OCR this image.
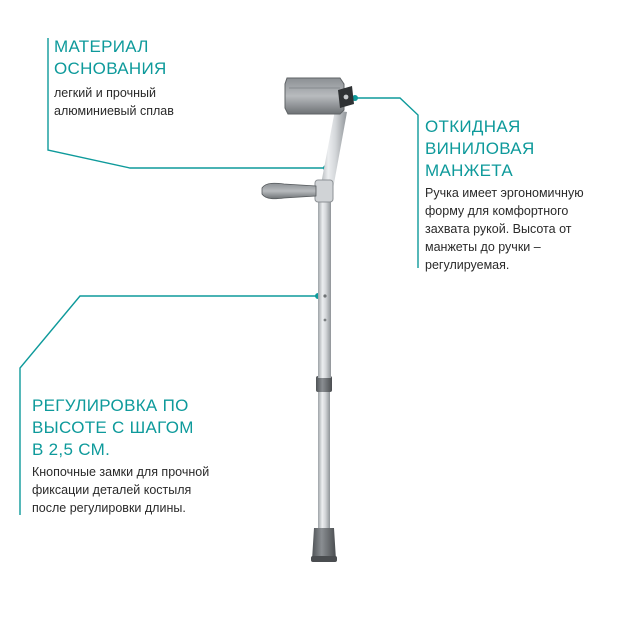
МАТЕРИАЛ
ОСНОВАНИЯ
легкий и прочный
алюминиевый сплав
ОТКИДНАЯ
ВИНИЛОВАЯ
МАНЖЕТА
Ручка имеет эргономичную
форму для комфортного
захвата рукой. Высота от
манжеты до ручки –
регулируемая.
РЕГУЛИРОВКА ПО
ВЫСОТЕ С ШАГОМ
В 2,5 СМ.
Кнопочные замки для прочной
фиксации деталей костыля
после регулировки длины.
